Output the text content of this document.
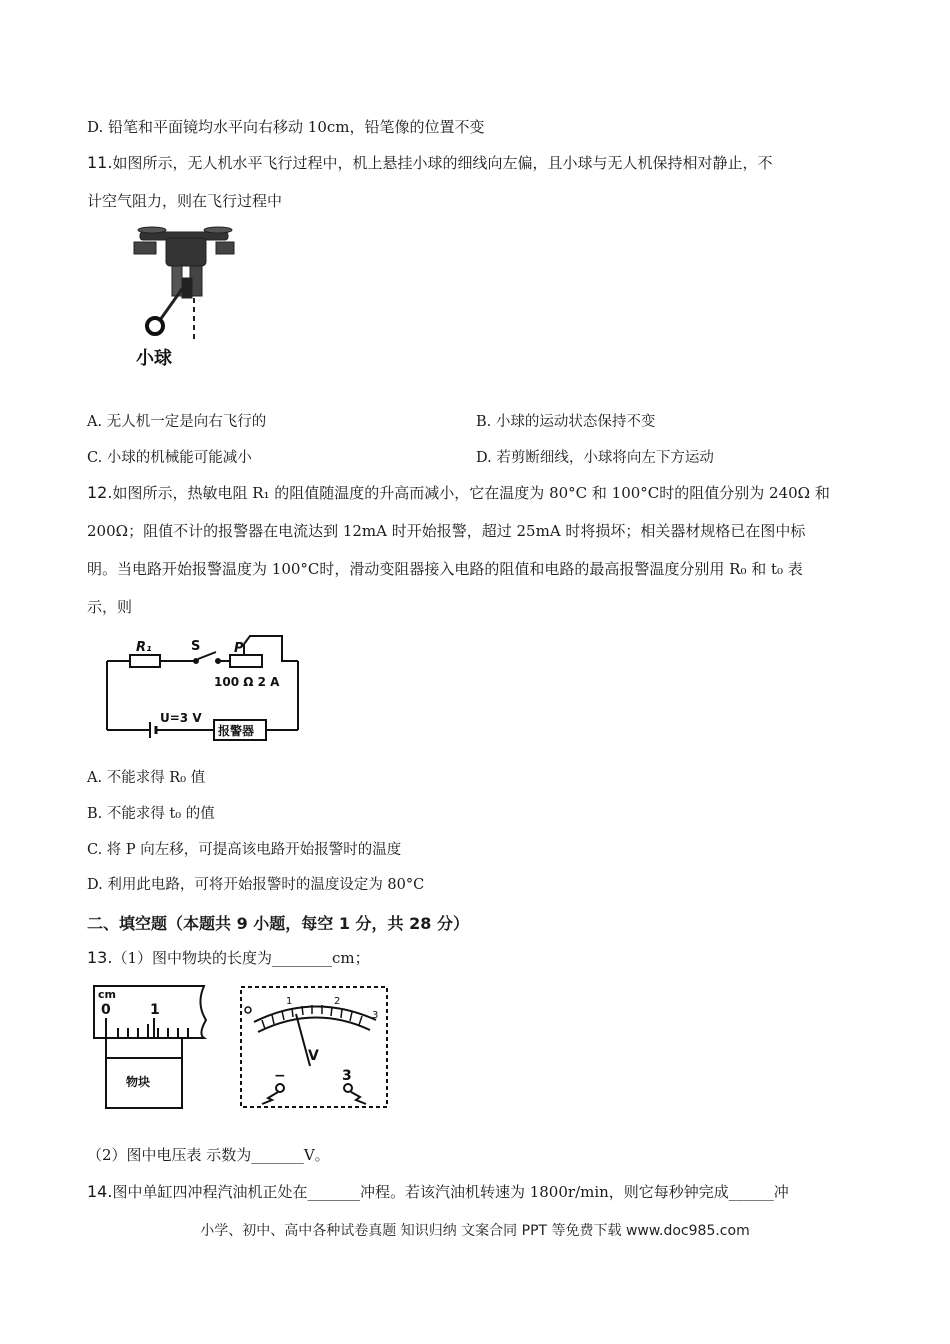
D. 铅笔和平面镜均水平向右移动 10cm，铅笔像的位置不变
11.如图所示，无人机水平飞行过程中，机上悬挂小球的细线向左偏，且小球与无人机保持相对静止，不
计空气阻力，则在飞行过程中
小球
A. 无人机一定是向右飞行的	B. 小球的运动状态保持不变
C. 小球的机械能可能减小	D. 若剪断细线，小球将向左下方运动
12.如图所示，热敏电阻 R₁ 的阻值随温度的升高而减小，它在温度为 80°C 和 100°C时的阻值分别为 240Ω 和
200Ω；阻值不计的报警器在电流达到 12mA 时开始报警，超过 25mA 时将损坏；相关器材规格已在图中标
明。当电路开始报警温度为 100°C时，滑动变阻器接入电路的阻值和电路的最高报警温度分别用 R₀ 和 t₀ 表
示，则
R₁	S	P
100 Ω 2 A
U=3 V
报警器
A. 不能求得 R₀ 值
B. 不能求得 t₀ 的值
C. 将 P 向左移，可提高该电路开始报警时的温度
D. 利用此电路，可将开始报警时的温度设定为 80°C
二、填空题（本题共 9 小题，每空 1 分，共 28 分）
13.（1）图中物块的长度为________cm；
cm
0	1
物块
1	2
3
V
−	3
（2）图中电压表 示数为_______V。
14.图中单缸四冲程汽油机正处在_______冲程。若该汽油机转速为 1800r/min，则它每秒钟完成______冲
小学、初中、高中各种试卷真题 知识归纳 文案合同 PPT 等免费下载 www.doc985.com
